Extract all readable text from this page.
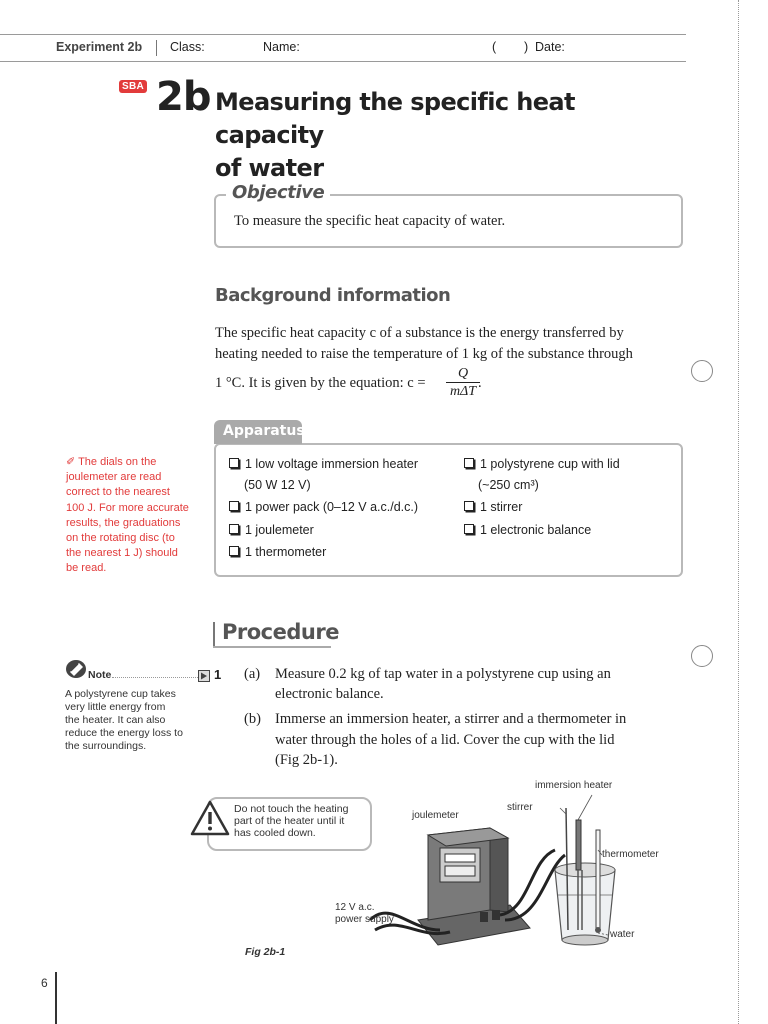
Experiment 2b Class:	Name:	(        ) Date:
SBA 2b Measuring the specific heat capacity
of water
Objective
To measure the specific heat capacity of water.
Background information
The specific heat capacity c of a substance is the energy transferred by
heating needed to raise the temperature of 1 kg of the substance through
1 °C. It is given by the equation: c =
Q
mΔT
.
✐ The dials on the
joulemeter are read
correct to the nearest
100 J. For more accurate
results, the graduations
on the rotating disc (to
the nearest 1 J) should
be read.
Apparatus
1 low voltage immersion heater
(50 W 12 V)
1 power pack (0–12 V a.c./d.c.)
1 joulemeter
1 thermometer
1 polystyrene cup with lid
(~250 cm³)
1 stirrer
1 electronic balance
Procedure
Note	1
A polystyrene cup takes
very little energy from
the heater. It can also
reduce the energy loss to
the surroundings.
(a) Measure 0.2 kg of tap water in a polystyrene cup using an
electronic balance.
(b) Immerse an immersion heater, a stirrer and a thermometer in
water through the holes of a lid. Cover the cup with the lid
(Fig 2b-1).
Do not touch the heating
part of the heater until it
has cooled down.
immersion heater
stirrer
joulemeter
thermometer
12 V a.c.
power supply
water
Fig 2b-1
6
